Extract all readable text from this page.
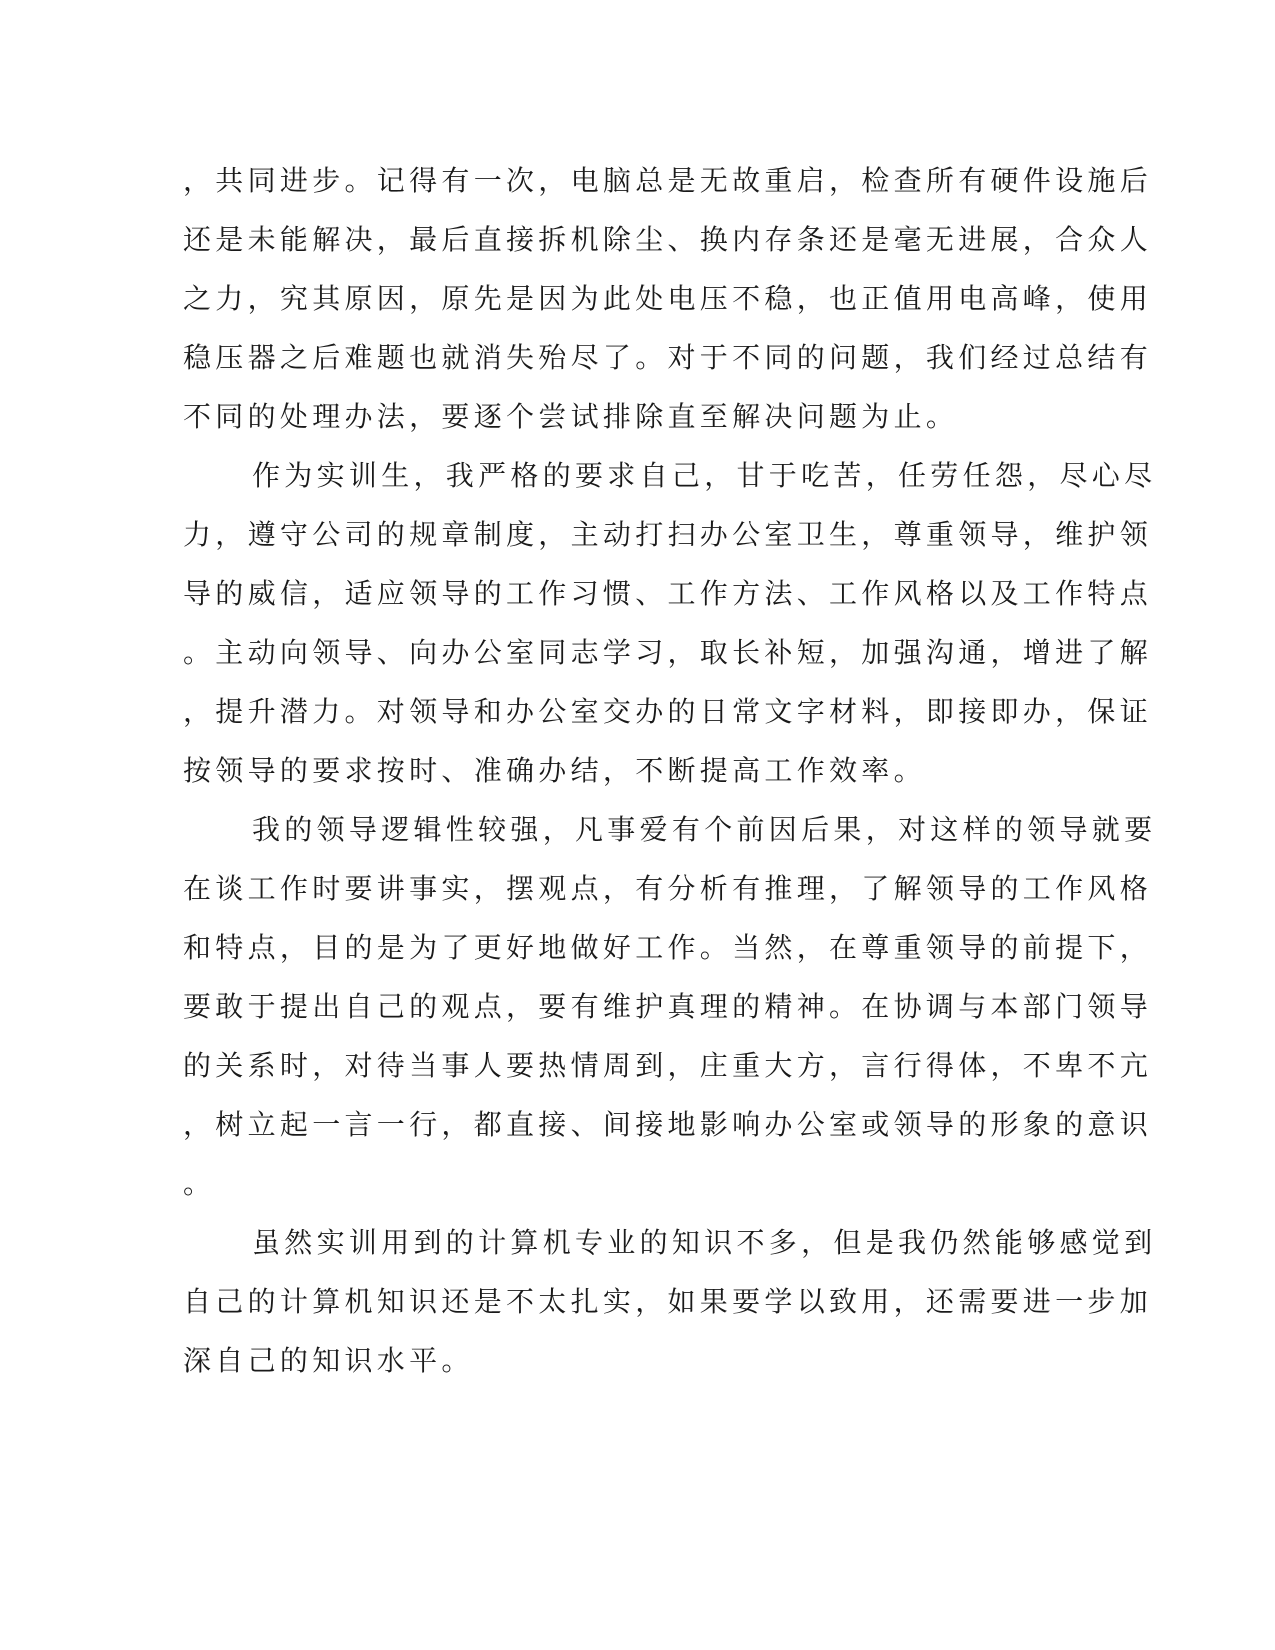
，共同进步。记得有一次，电脑总是无故重启，检查所有硬件设施后
还是未能解决，最后直接拆机除尘、换内存条还是毫无进展，合众人
之力，究其原因，原先是因为此处电压不稳，也正值用电高峰，使用
稳压器之后难题也就消失殆尽了。对于不同的问题，我们经过总结有
不同的处理办法，要逐个尝试排除直至解决问题为止。
作为实训生，我严格的要求自己，甘于吃苦，任劳任怨，尽心尽
力，遵守公司的规章制度，主动打扫办公室卫生，尊重领导，维护领
导的威信，适应领导的工作习惯、工作方法、工作风格以及工作特点
。主动向领导、向办公室同志学习，取长补短，加强沟通，增进了解
，提升潜力。对领导和办公室交办的日常文字材料，即接即办，保证
按领导的要求按时、准确办结，不断提高工作效率。
我的领导逻辑性较强，凡事爱有个前因后果，对这样的领导就要
在谈工作时要讲事实，摆观点，有分析有推理，了解领导的工作风格
和特点，目的是为了更好地做好工作。当然，在尊重领导的前提下，
要敢于提出自己的观点，要有维护真理的精神。在协调与本部门领导
的关系时，对待当事人要热情周到，庄重大方，言行得体，不卑不亢
，树立起一言一行，都直接、间接地影响办公室或领导的形象的意识
。
虽然实训用到的计算机专业的知识不多，但是我仍然能够感觉到
自己的计算机知识还是不太扎实，如果要学以致用，还需要进一步加
深自己的知识水平。
